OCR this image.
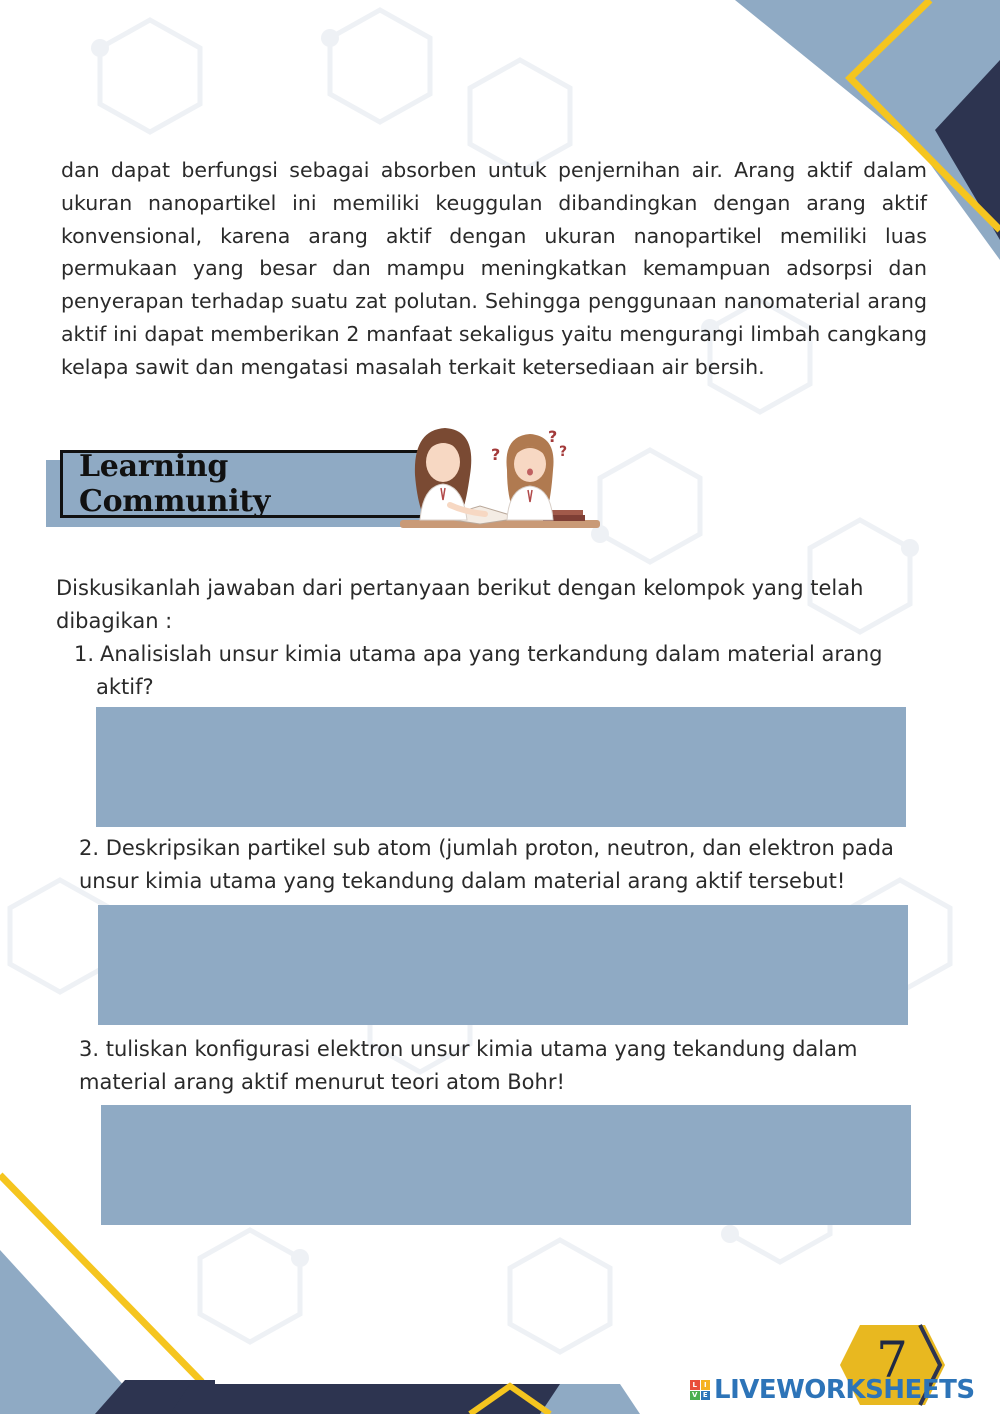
dan dapat berfungsi sebagai absorben untuk penjernihan air. Arang aktif dalam ukuran nanopartikel ini memiliki keuggulan dibandingkan dengan arang aktif konvensional, karena arang aktif dengan ukuran nanopartikel memiliki luas permukaan yang besar dan mampu meningkatkan kemampuan adsorpsi dan penyerapan terhadap suatu zat polutan. Sehingga penggunaan nanomaterial arang aktif ini dapat memberikan 2 manfaat sekaligus yaitu mengurangi limbah cangkang kelapa sawit dan mengatasi masalah terkait ketersediaan air bersih.

Learning Community
?
?
?

Diskusikanlah jawaban dari pertanyaan berikut dengan kelompok yang telah dibagikan :

1. Analisislah unsur kimia utama apa yang terkandung dalam material arang
aktif?

2. Deskripsikan partikel sub atom (jumlah proton, neutron, dan elektron pada unsur kimia utama yang tekandung dalam material arang aktif tersebut!

3. tuliskan konfigurasi elektron unsur kimia utama yang tekandung dalam material arang aktif menurut teori atom Bohr!

7
L I
V E LIVEWORKSHEETS
